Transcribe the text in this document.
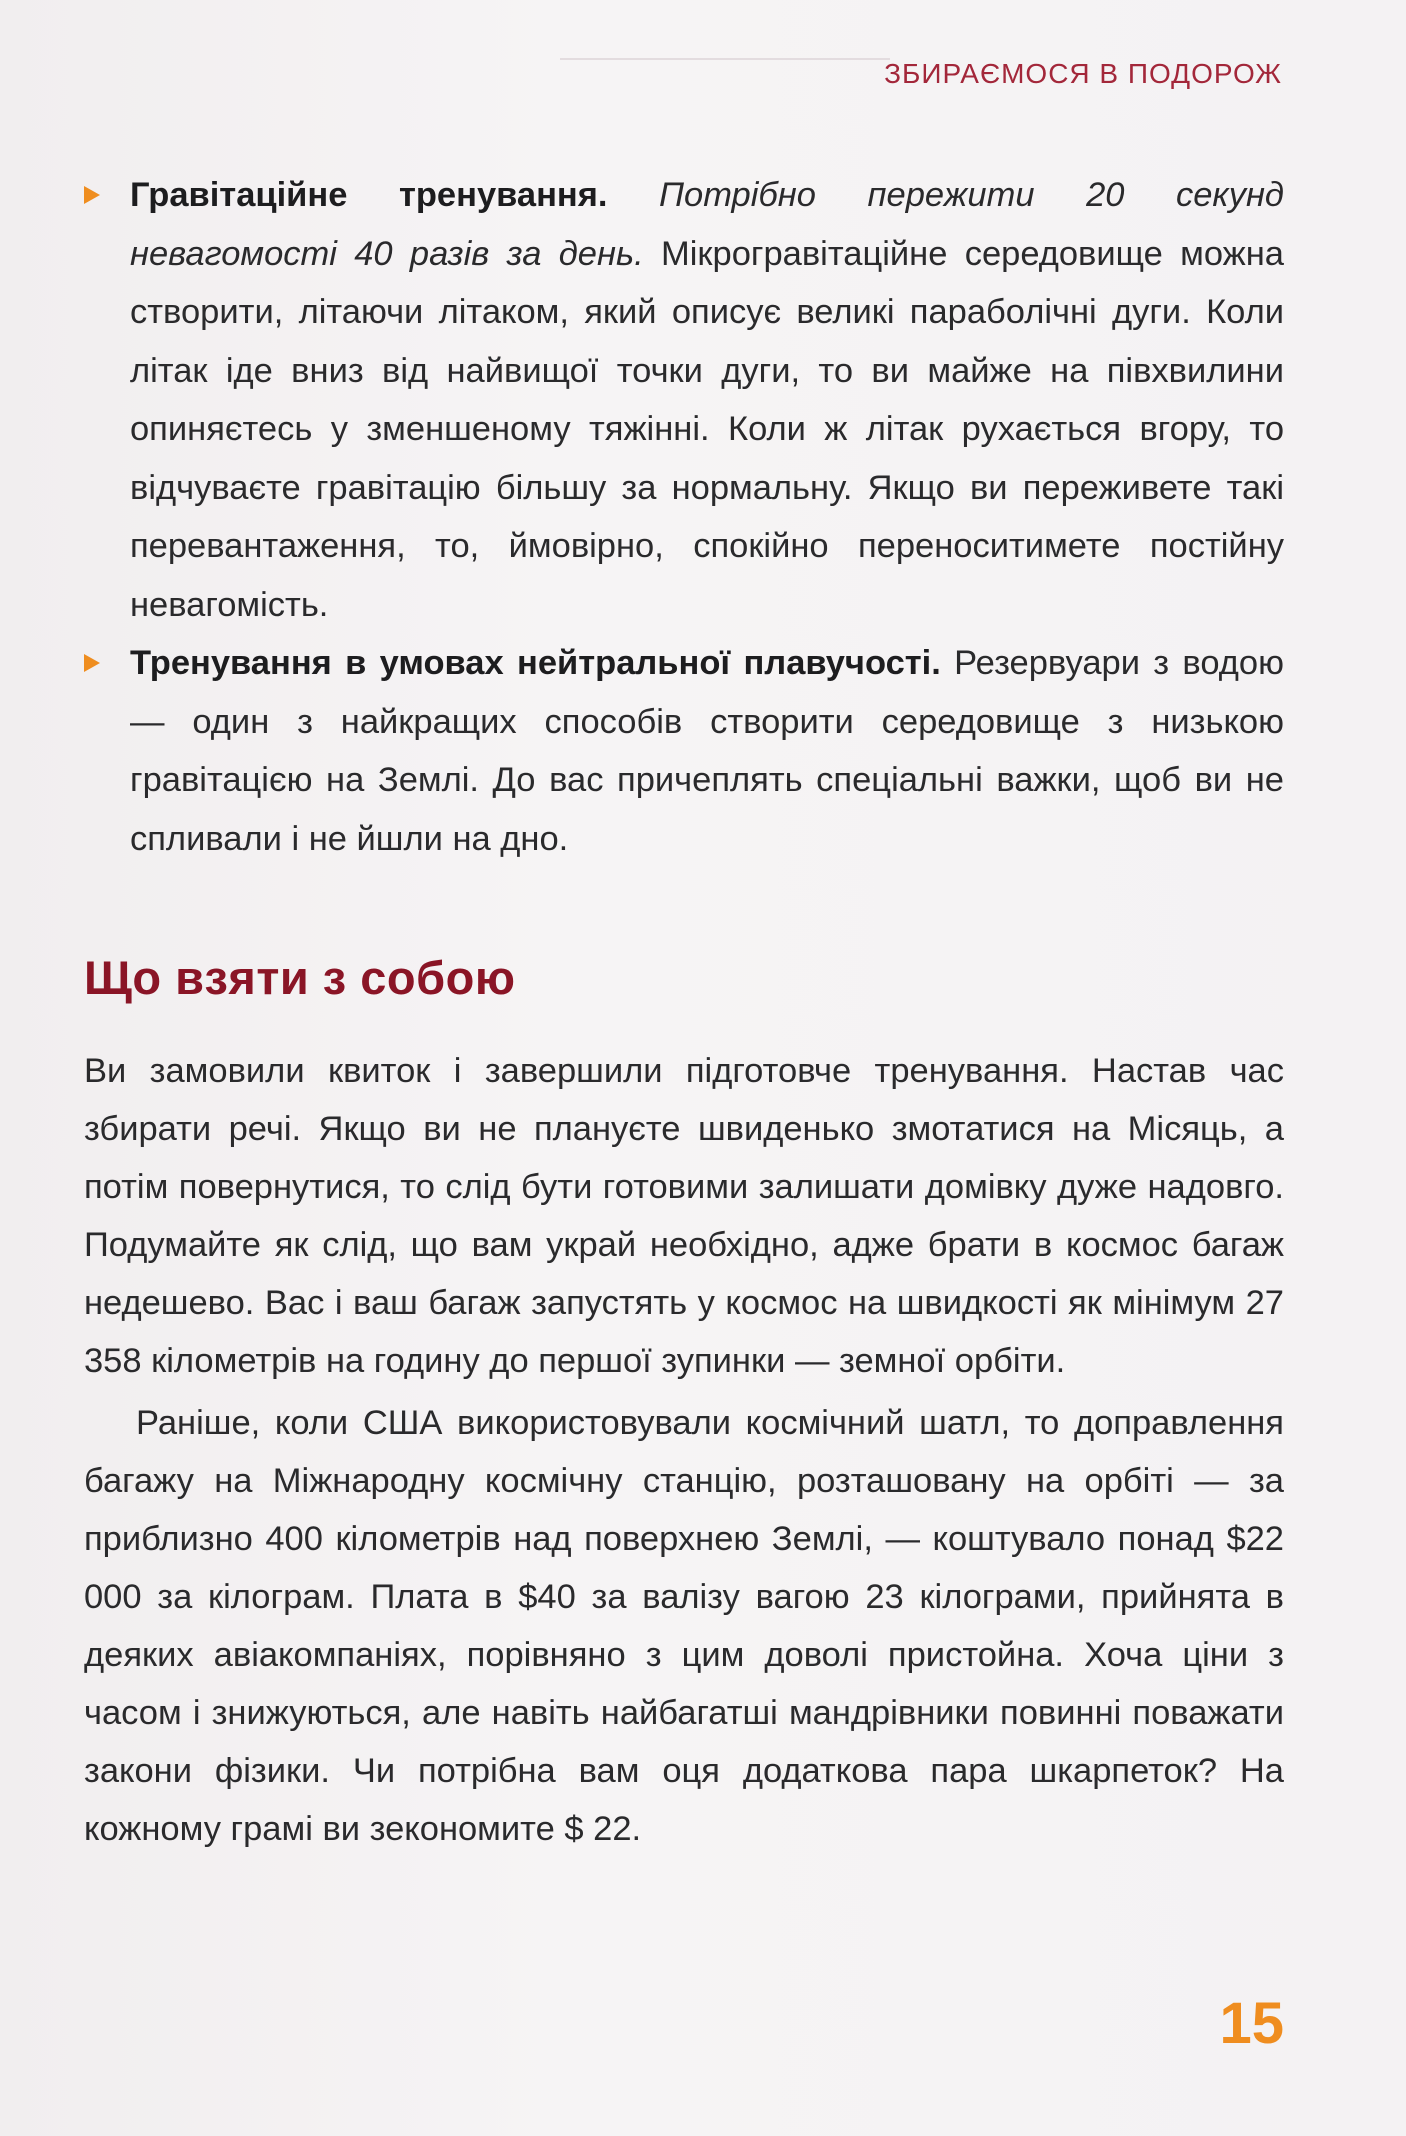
ЗБИРАЄМОСЯ В ПОДОРОЖ
Гравітаційне тренування. Потрібно пережити 20 секунд невагомості 40 разів за день. Мікрогравітаційне середовище можна створити, літаючи літаком, який описує великі параболічні дуги. Коли літак іде вниз від найвищої точки дуги, то ви майже на півхвилини опиняєтесь у зменшеному тяжінні. Коли ж літак рухається вгору, то відчуваєте гравітацію більшу за нормальну. Якщо ви переживете такі перевантаження, то, ймовірно, спокійно переноситимете постійну невагомість.
Тренування в умовах нейтральної плавучості. Резервуари з водою — один з найкращих способів створити середовище з низькою гравітацією на Землі. До вас причеплять спеціальні важки, щоб ви не спливали і не йшли на дно.
Що взяти з собою

Ви замовили квиток і завершили підготовче тренування. Настав час збирати речі. Якщо ви не плануєте швиденько змотатися на Місяць, а потім повернутися, то слід бути готовими залишати домівку дуже надовго. Подумайте як слід, що вам украй необхідно, адже брати в космос багаж недешево. Вас і ваш багаж запустять у космос на швидкості як мінімум 27 358 кілометрів на годину до першої зупинки — земної орбіти.

Раніше, коли США використовували космічний шатл, то доправлення багажу на Міжнародну космічну станцію, розташовану на орбіті — за приблизно 400 кілометрів над поверхнею Землі, — коштувало понад $22 000 за кілограм. Плата в $40 за валізу вагою 23 кілограми, прийнята в деяких авіакомпаніях, порівняно з цим доволі пристойна. Хоча ціни з часом і знижуються, але навіть найбагатші мандрівники повинні поважати закони фізики. Чи потрібна вам оця додаткова пара шкарпеток? На кожному грамі ви зекономите $ 22.

15
